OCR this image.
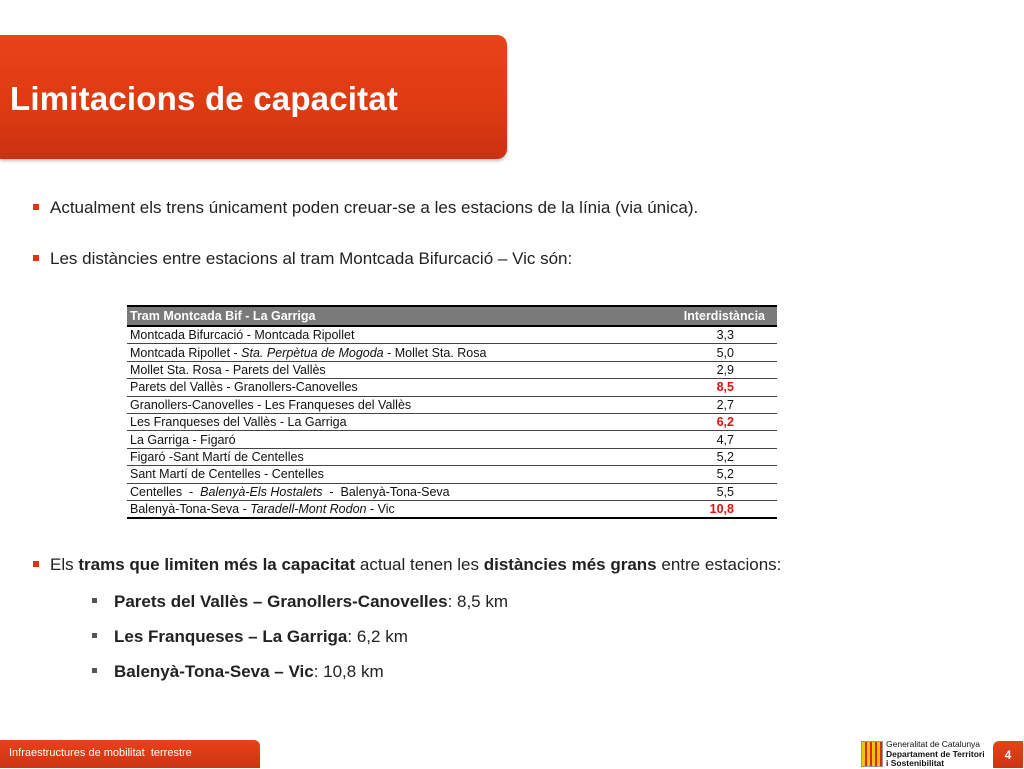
Limitacions de capacitat
Actualment els trens únicament poden creuar-se a les estacions de la línia (via única).
Les distàncies entre estacions al tram Montcada Bifurcació – Vic són:
Tram Montcada Bif - La Garriga	Interdistància
Montcada Bifurcació - Montcada Ripollet	3,3
Montcada Ripollet - Sta. Perpètua de Mogoda - Mollet Sta. Rosa	5,0
Mollet Sta. Rosa - Parets del Vallès	2,9
Parets del Vallès - Granollers-Canovelles	8,5
Granollers-Canovelles - Les Franqueses del Vallès	2,7
Les Franqueses del Vallès - La Garriga	6,2
La Garriga - Figaró	4,7
Figaró -Sant Martí de Centelles	5,2
Sant Martí de Centelles - Centelles	5,2
Centelles  -  Balenyà-Els Hostalets  -  Balenyà-Tona-Seva	5,5
Balenyà-Tona-Seva - Taradell-Mont Rodon - Vic	10,8
Els trams que limiten més la capacitat actual tenen les distàncies més grans entre estacions:
Parets del Vallès – Granollers-Canovelles: 8,5 km
Les Franqueses – La Garriga: 6,2 km
Balenyà-Tona-Seva – Vic: 10,8 km
Infraestructures de mobilitat  terrestre
Generalitat de Catalunya
Departament de Territori
i Sostenibilitat
4
